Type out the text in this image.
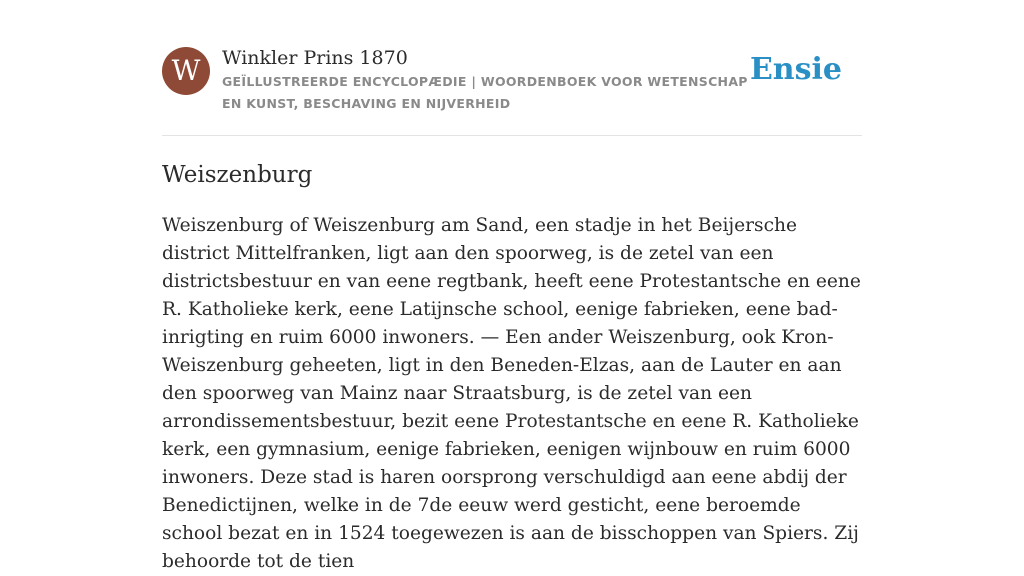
W	Winkler Prins 1870
GEÏLLUSTREERDE ENCYCLOPÆDIE | WOORDENBOEK VOOR WETENSCHAP EN KUNST, BESCHAVING EN NIJVERHEID
Ensie
Weiszenburg

Weiszenburg of Weiszenburg am Sand, een stadje in het Beijersche district Mittelfranken, ligt aan den spoorweg, is de zetel van een districtsbestuur en van eene regtbank, heeft eene Protestantsche en eene R. Katholieke kerk, eene Latijnsche school, eenige fabrieken, eene bad-inrigting en ruim 6000 inwoners. — Een ander Weiszenburg, ook Kron-Weiszenburg geheeten, ligt in den Beneden-Elzas, aan de Lauter en aan den spoorweg van Mainz naar Straatsburg, is de zetel van een arrondissementsbestuur, bezit eene Protestantsche en eene R. Katholieke kerk, een gymnasium, eenige fabrieken, eenigen wijnbouw en ruim 6000 inwoners. Deze stad is haren oorsprong verschuldigd aan eene abdij der Benedictijnen, welke in de 7de eeuw werd gesticht, eene beroemde school bezat en in 1524 toegewezen is aan de bisschoppen van Spiers. Zij behoorde tot de tien
